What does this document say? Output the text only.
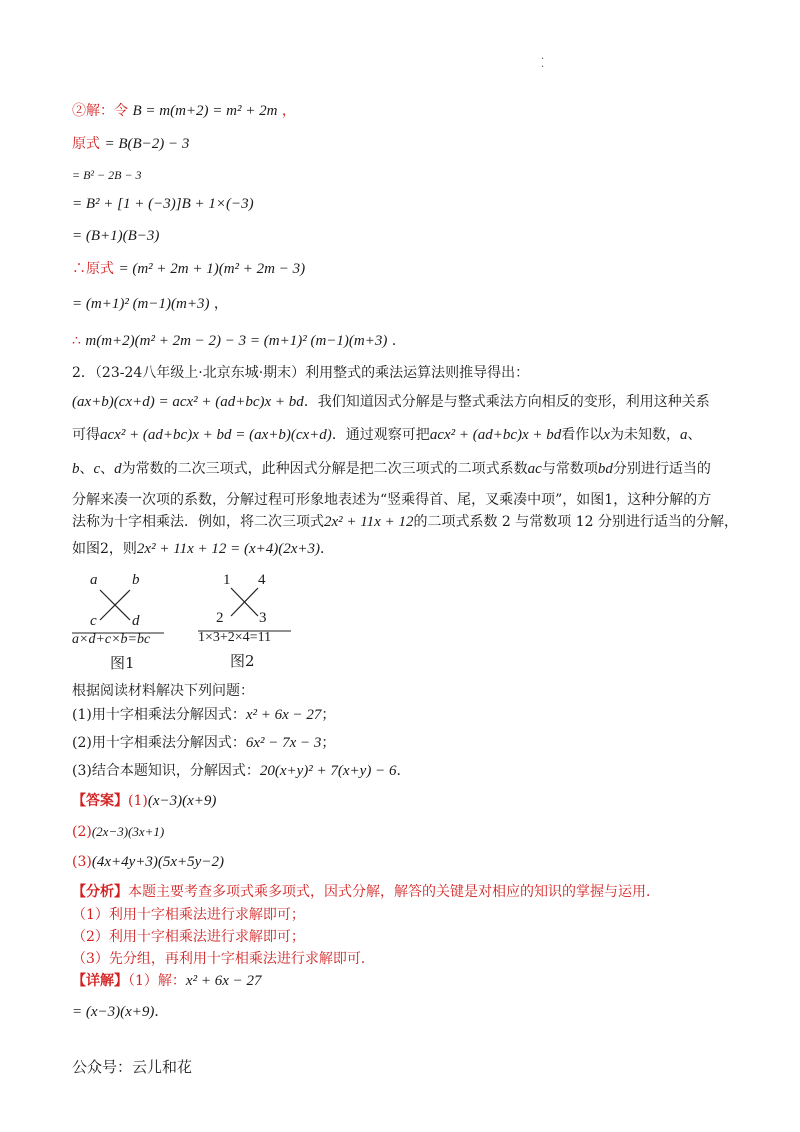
·
·
②解：令 B = m(m+2) = m² + 2m ，
原式 = B(B−2) − 3
= B² − 2B − 3
= B² + [1 + (−3)]B + 1×(−3)
= (B+1)(B−3)
∴原式 = (m² + 2m + 1)(m² + 2m − 3)
= (m+1)² (m−1)(m+3) ，
∴ m(m+2)(m² + 2m − 2) − 3 = (m+1)² (m−1)(m+3) ．
2．（23-24八年级上·北京东城·期末）利用整式的乘法运算法则推导得出：
(ax+b)(cx+d) = acx² + (ad+bc)x + bd．我们知道因式分解是与整式乘法方向相反的变形，利用这种关系
可得acx² + (ad+bc)x + bd = (ax+b)(cx+d)．通过观察可把acx² + (ad+bc)x + bd看作以x为未知数，a、
b、c、d为常数的二次三项式，此种因式分解是把二次三项式的二项式系数ac与常数项bd分别进行适当的
分解来凑一次项的系数，分解过程可形象地表述为“竖乘得首、尾，叉乘凑中项”，如图1，这种分解的方
法称为十字相乘法．例如，将二次三项式2x² + 11x + 12的二项式系数 2 与常数项 12 分别进行适当的分解，
如图2，则2x² + 11x + 12 = (x+4)(2x+3)．
a b
c d
a×d+c×b=bc
图1
1 4
2 3
1×3+2×4=11
图2
根据阅读材料解决下列问题：
(1)用十字相乘法分解因式：x² + 6x − 27；
(2)用十字相乘法分解因式：6x² − 7x − 3；
(3)结合本题知识，分解因式：20(x+y)² + 7(x+y) − 6．
【答案】(1)(x−3)(x+9)
(2)(2x−3)(3x+1)
(3)(4x+4y+3)(5x+5y−2)
【分析】本题主要考查多项式乘多项式，因式分解，解答的关键是对相应的知识的掌握与运用．
（1）利用十字相乘法进行求解即可；
（2）利用十字相乘法进行求解即可；
（3）先分组，再利用十字相乘法进行求解即可．
【详解】（1）解：x² + 6x − 27
= (x−3)(x+9)．
公众号：云儿和花
